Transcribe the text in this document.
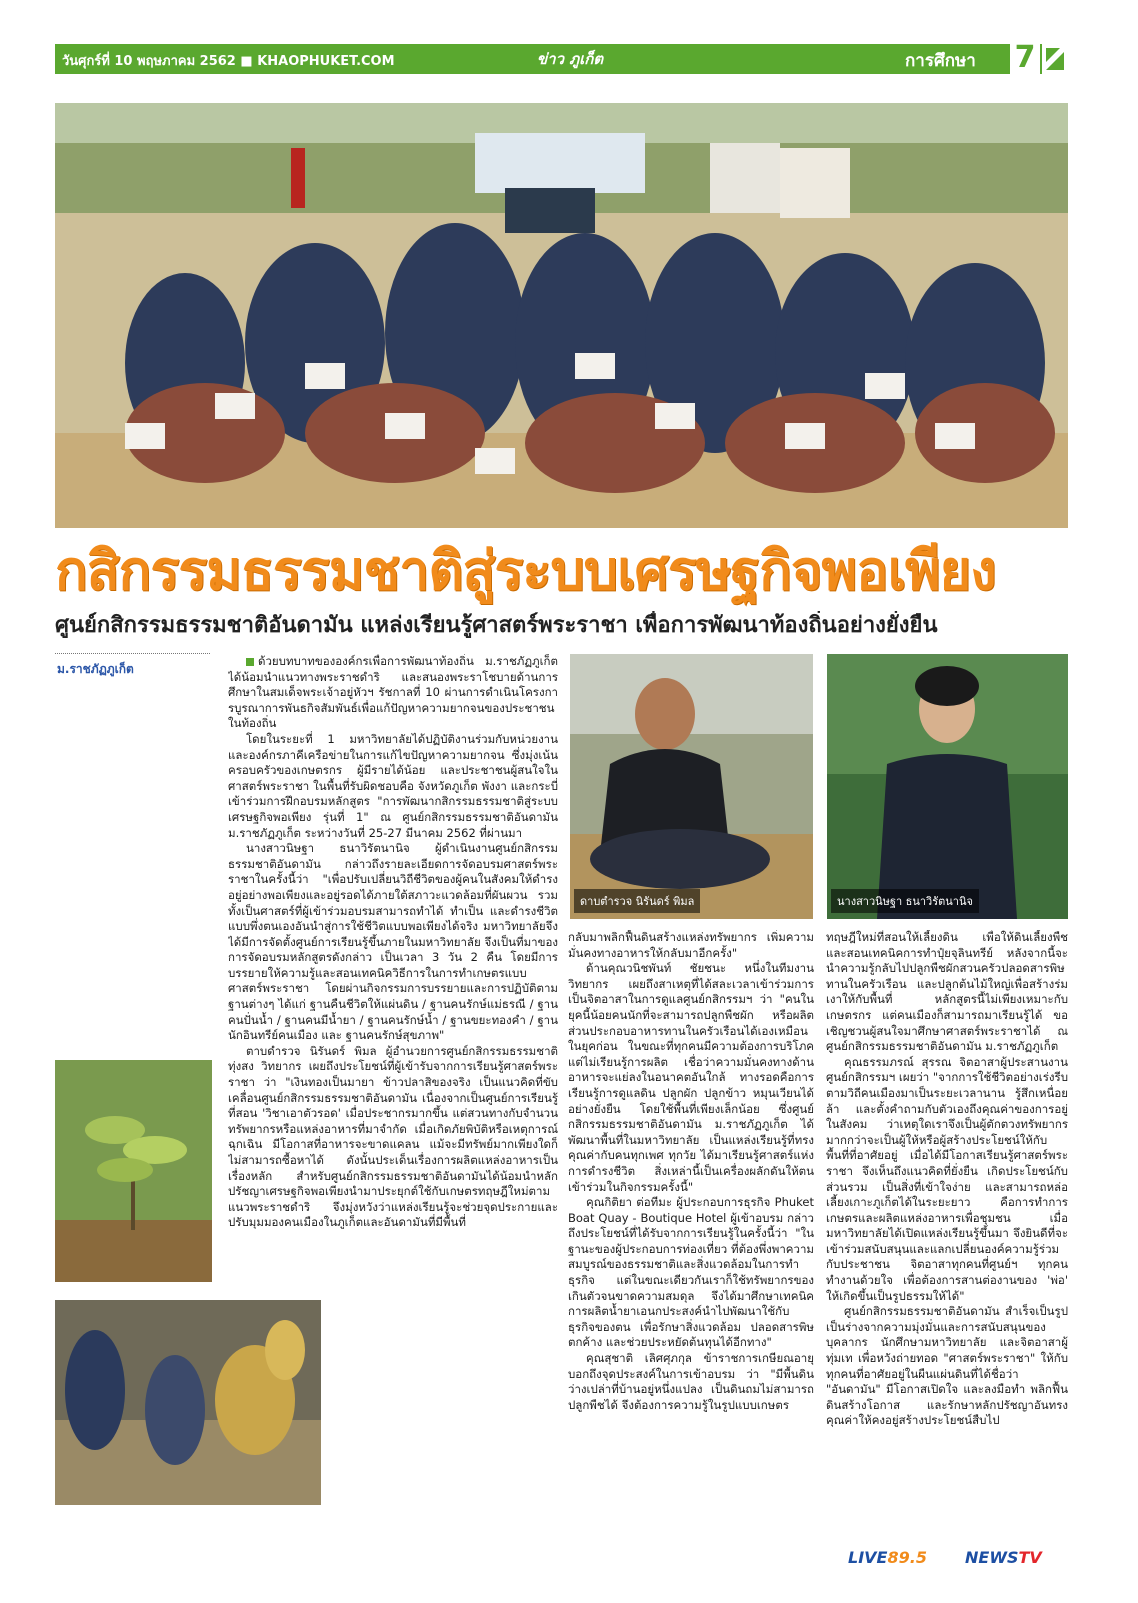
วันศุกร์ที่ 10 พฤษภาคม 2562 ■ KHAOPHUKET.COM	ข่าว ภูเก็ต	การศึกษา 7
กสิกรรมธรรมชาติสู่ระบบเศรษฐกิจพอเพียง
ศูนย์กสิกรรมธรรมชาติอันดามัน แหล่งเรียนรู้ศาสตร์พระราชา เพื่อการพัฒนาท้องถิ่นอย่างยั่งยืน
ม.ราชภัฏภูเก็ต

ด้วยบทบาทขององค์กรเพื่อการพัฒนาท้องถิ่น ม.ราชภัฏภูเก็ต ได้น้อมนำแนวทางพระราชดำริ และสนองพระราโชบายด้านการศึกษาในสมเด็จพระเจ้าอยู่หัวฯ รัชกาลที่ 10 ผ่านการดำเนินโครงการบูรณาการพันธกิจสัมพันธ์เพื่อแก้ปัญหาความยากจนของประชาชนในท้องถิ่น

โดยในระยะที่ 1 มหาวิทยาลัยได้ปฏิบัติงานร่วมกับหน่วยงาน และองค์กรภาคีเครือข่ายในการแก้ไขปัญหาความยากจน ซึ่งมุ่งเน้นครอบครัวของเกษตรกร ผู้มีรายได้น้อย และประชาชนผู้สนใจในศาสตร์พระราชา ในพื้นที่รับผิดชอบคือ จังหวัดภูเก็ต พังงา และกระบี่ เข้าร่วมการฝึกอบรมหลักสูตร "การพัฒนากสิกรรมธรรมชาติสู่ระบบเศรษฐกิจพอเพียง รุ่นที่ 1" ณ ศูนย์กสิกรรมธรรมชาติอันดามัน ม.ราชภัฏภูเก็ต ระหว่างวันที่ 25-27 มีนาคม 2562 ที่ผ่านมา

นางสาวนิษฐา ธนาวิรัตนานิจ ผู้ดำเนินงานศูนย์กสิกรรมธรรมชาติอันดามัน กล่าวถึงรายละเอียดการจัดอบรมศาสตร์พระราชาในครั้งนี้ว่า "เพื่อปรับเปลี่ยนวิถีชีวิตของผู้คนในสังคมให้ดำรงอยู่อย่างพอเพียงและอยู่รอดได้ภายใต้สภาวะแวดล้อมที่ผันผวน รวมทั้งเป็นศาสตร์ที่ผู้เข้าร่วมอบรมสามารถทำได้ ทำเป็น และดำรงชีวิตแบบพึ่งตนเองอันนำสู่การใช้ชีวิตแบบพอเพียงได้จริง มหาวิทยาลัยจึงได้มีการจัดตั้งศูนย์การเรียนรู้ขึ้นภายในมหาวิทยาลัย จึงเป็นที่มาของการจัดอบรมหลักสูตรดังกล่าว เป็นเวลา 3 วัน 2 คืน โดยมีการบรรยายให้ความรู้และสอนเทคนิควิธีการในการทำเกษตรแบบศาสตร์พระราชา โดยผ่านกิจกรรมการบรรยายและการปฏิบัติตามฐานต่างๆ ได้แก่ ฐานคืนชีวิตให้แผ่นดิน / ฐานคนรักษ์แม่ธรณี / ฐานคนปั่นน้ำ / ฐานคนมีน้ำยา / ฐานคนรักษ์น้ำ / ฐานขยะทองคำ / ฐานนักอินทรีย์คนเมือง และ ฐานคนรักษ์สุขภาพ"

ตาบดำรวจ นิรันดร์ พิมล ผู้อำนวยการศูนย์กสิกรรมธรรมชาติทุ่งสง วิทยากร เผยถึงประโยชน์ที่ผู้เข้ารับจากการเรียนรู้ศาสตร์พระราชา ว่า "เงินทองเป็นมายา ข้าวปลาสิของจริง เป็นแนวคิดที่ขับเคลื่อนศูนย์กสิกรรมธรรมชาติอันดามัน เนื่องจากเป็นศูนย์การเรียนรู้ที่สอน 'วิชาเอาตัวรอด' เมื่อประชากรมากขึ้น แต่สวนทางกับจำนวนทรัพยากรหรือแหล่งอาหารที่มาจำกัด เมื่อเกิดภัยพิบัติหรือเหตุการณ์ฉุกเฉิน มีโอกาสที่อาหารจะขาดแคลน แม้จะมีทรัพย์มากเพียงใดก็ไม่สามารถซื้อหาได้ ดังนั้นประเด็นเรื่องการผลิตแหล่งอาหารเป็นเรื่องหลัก สำหรับศูนย์กสิกรรมธรรมชาติอันดามันได้น้อมนำหลักปรัชญาเศรษฐกิจพอเพียงนำมาประยุกต์ใช้กับเกษตรทฤษฎีใหม่ตามแนวพระราชดำริ จึงมุ่งหวังว่าแหล่งเรียนรู้จะช่วยจุดประกายและปรับมุมมองคนเมืองในภูเก็ตและอันดามันที่มีพื้นที่

กลับมาพลิกฟื้นดินสร้างแหล่งทรัพยากร เพิ่มความมั่นคงทางอาหารให้กลับมาอีกครั้ง"

ด้านคุณวนิชพันท์ ชัยชนะ หนึ่งในทีมงานวิทยากร เผยถึงสาเหตุที่ได้สละเวลาเข้าร่วมการเป็นจิตอาสาในการดูแลศูนย์กสิกรรมฯ ว่า "คนในยุคนี้น้อยคนนักที่จะสามารถปลูกพืชผัก หรือผลิตส่วนประกอบอาหารทานในครัวเรือนได้เองเหมือนในยุคก่อน ในขณะที่ทุกคนมีความต้องการบริโภค แต่ไม่เรียนรู้การผลิต เชื่อว่าความมั่นคงทางด้านอาหารจะแย่ลงในอนาคตอันใกล้ ทางรอดคือการเรียนรู้การดูแลดิน ปลูกผัก ปลูกข้าว หมุนเวียนได้อย่างยั่งยืน โดยใช้พื้นที่เพียงเล็กน้อย ซึ่งศูนย์กสิกรรมธรรมชาติอันดามัน ม.ราชภัฏภูเก็ต ได้พัฒนาพื้นที่ในมหาวิทยาลัย เป็นแหล่งเรียนรู้ที่ทรงคุณค่ากับคนทุกเพศ ทุกวัย ได้มาเรียนรู้ศาสตร์แห่งการดำรงชีวิต สิ่งเหล่านี้เป็นเครื่องผลักดันให้ตนเข้าร่วมในกิจกรรมครั้งนี้"

คุณกิติยา ต่อทีมะ ผู้ประกอบการธุรกิจ Phuket Boat Quay - Boutique Hotel ผู้เข้าอบรม กล่าวถึงประโยชน์ที่ได้รับจากการเรียนรู้ในครั้งนี้ว่า "ในฐานะของผู้ประกอบการท่องเที่ยว ที่ต้องพึ่งพาความสมบูรณ์ของธรรมชาติและสิ่งแวดล้อมในการทำธุรกิจ แต่ในขณะเดียวกันเราก็ใช้ทรัพยากรของเกินตัวจนขาดความสมดุล จึงได้มาศึกษาเทคนิคการผลิตน้ำยาเอนกประสงค์นำไปพัฒนาใช้กับธุรกิจของตน เพื่อรักษาสิ่งแวดล้อม ปลอดสารพิษตกค้าง และช่วยประหยัดต้นทุนได้อีกทาง"

คุณสุชาติ เลิศศุภกุล ข้าราชการเกษียณอายุ บอกถึงจุดประสงค์ในการเข้าอบรม ว่า "มีพื้นดินว่างเปล่าที่บ้านอยู่หนึ่งแปลง เป็นดินถมไม่สามารถปลูกพืชได้ จึงต้องการความรู้ในรูปแบบเกษตร

ทฤษฎีใหม่ที่สอนให้เลี้ยงดิน เพื่อให้ดินเลี้ยงพืช และสอนเทคนิคการทำปุ๋ยจุลินทรีย์ หลังจากนี้จะนำความรู้กลับไปปลูกพืชผักสวนครัวปลอดสารพิษทานในครัวเรือน และปลูกต้นไม้ใหญ่เพื่อสร้างร่มเงาให้กับพื้นที่ หลักสูตรนี้ไม่เพียงเหมาะกับเกษตรกร แต่คนเมืองก็สามารถมาเรียนรู้ได้ ขอเชิญชวนผู้สนใจมาศึกษาศาสตร์พระราชาได้ ณ ศูนย์กสิกรรมธรรมชาติอันดามัน ม.ราชภัฏภูเก็ต

คุณธรรมภรณ์ สุรรณ จิตอาสาผู้ประสานงานศูนย์กสิกรรมฯ เผยว่า "จากการใช้ชีวิตอย่างเร่งรีบตามวิถีคนเมืองมาเป็นระยะเวลานาน รู้สึกเหนื่อยล้า และตั้งคำถามกับตัวเองถึงคุณค่าของการอยู่ในสังคม ว่าเหตุใดเราจึงเป็นผู้ตักตวงทรัพยากรมากกว่าจะเป็นผู้ให้หรือผู้สร้างประโยชน์ให้กับพื้นที่ที่อาศัยอยู่ เมื่อได้มีโอกาสเรียนรู้ศาสตร์พระราชา จึงเห็นถึงแนวคิดที่ยั่งยืน เกิดประโยชน์กับส่วนรวม เป็นสิ่งที่เข้าใจง่าย และสามารถหล่อเลี้ยงเกาะภูเก็ตได้ในระยะยาว คือการทำการเกษตรและผลิตแหล่งอาหารเพื่อชุมชน เมื่อมหาวิทยาลัยได้เปิดแหล่งเรียนรู้ขึ้นมา จึงยินดีที่จะเข้าร่วมสนับสนุนและแลกเปลี่ยนองค์ความรู้ร่วมกับประชาชน จิตอาสาทุกคนที่ศูนย์ฯ ทุกคนทำงานด้วยใจ เพื่อต้องการสานต่องานของ 'พ่อ' ให้เกิดขึ้นเป็นรูปธรรมให้ได้"

ศูนย์กสิกรรมธรรมชาติอันดามัน สำเร็จเป็นรูปเป็นร่างจากความมุ่งมั่นและการสนับสนุนของบุคลากร นักศึกษามหาวิทยาลัย และจิตอาสาผู้ทุ่มเท เพื่อหวังถ่ายทอด "ศาสตร์พระราชา" ให้กับทุกคนที่อาศัยอยู่ในผืนแผ่นดินที่ได้ชื่อว่า "อันดามัน" มีโอกาสเปิดใจ และลงมือทำ พลิกฟื้นดินสร้างโอกาส และรักษาหลักปรัชญาอันทรงคุณค่าให้คงอยู่สร้างประโยชน์สืบไป

ดาบตำรวจ นิรันดร์ พิมล	นางสาวนิษฐา ธนาวิรัตนานิจ
LIVE89.5 NEWSTV
